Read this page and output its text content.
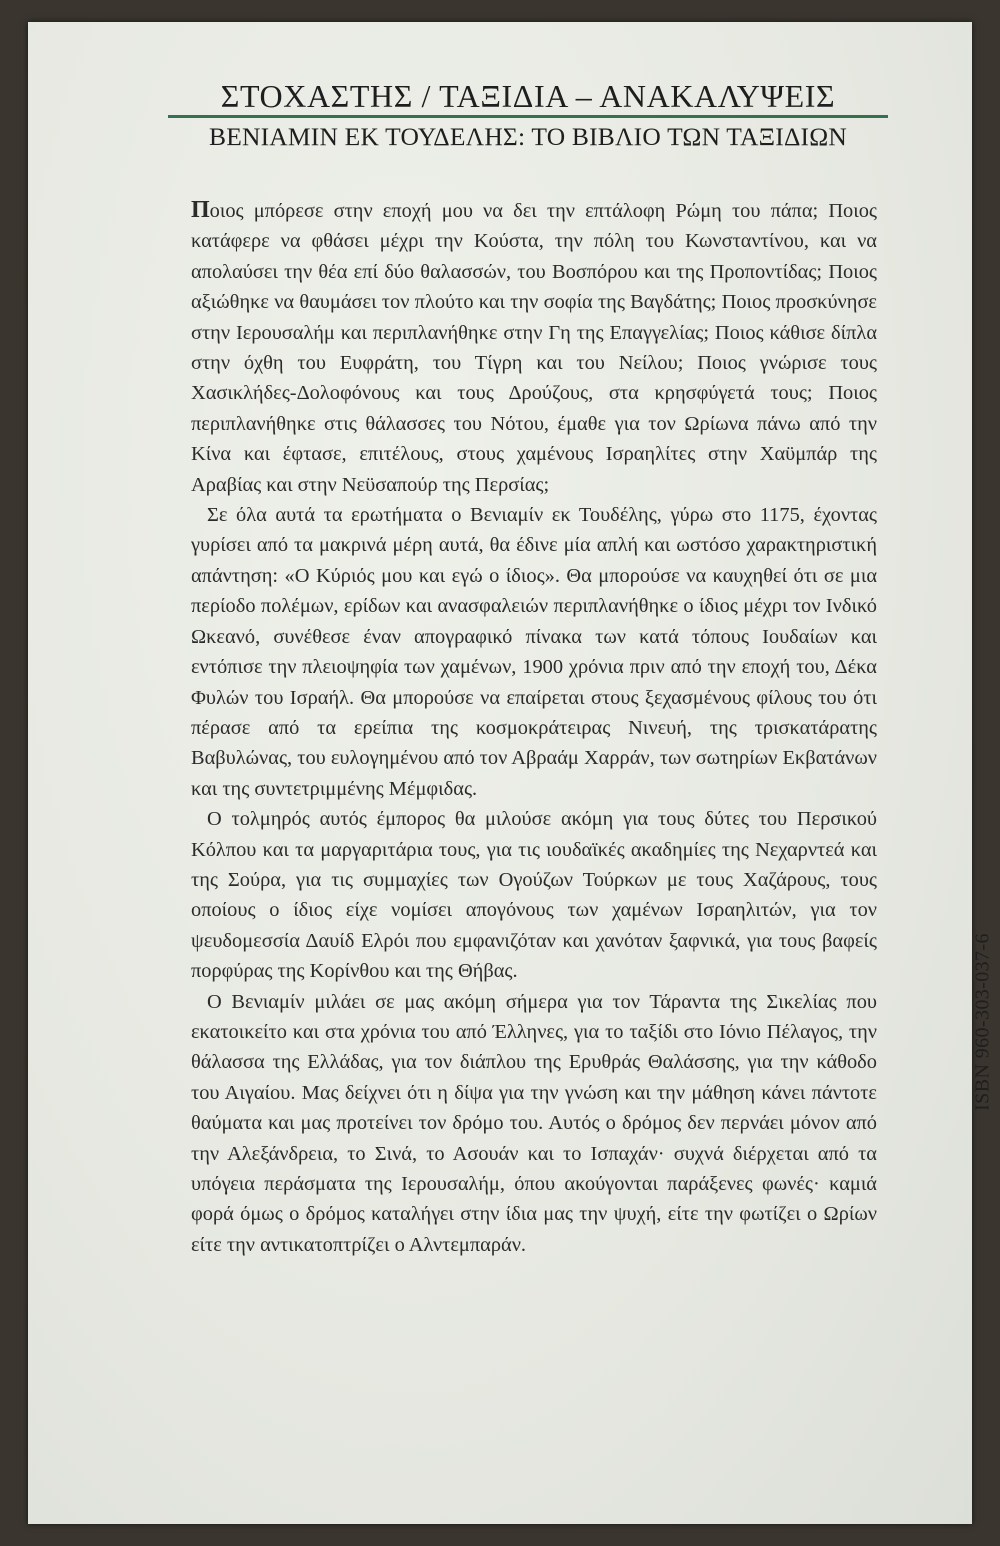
ΣΤΟΧΑΣΤΗΣ / ΤΑΞΙΔΙΑ – ΑΝΑΚΑΛΥΨΕΙΣ
ΒΕΝΙΑΜΙΝ ΕΚ ΤΟΥΔΕΛΗΣ: ΤΟ ΒΙΒΛΙΟ ΤΩΝ ΤΑΞΙΔΙΩΝ

Ποιος μπόρεσε στην εποχή μου να δει την επτάλοφη Ρώμη του πάπα; Ποιος κατάφερε να φθάσει μέχρι την Κούστα, την πόλη του Κωνσταντίνου, και να απολαύσει την θέα επί δύο θαλασσών, του Βοσπόρου και της Προποντίδας; Ποιος αξιώθηκε να θαυμάσει τον πλούτο και την σοφία της Βαγδάτης; Ποιος προσκύνησε στην Ιερουσαλήμ και περιπλανήθηκε στην Γη της Επαγγελίας; Ποιος κάθισε δίπλα στην όχθη του Ευφράτη, του Τίγρη και του Νείλου; Ποιος γνώρισε τους Χασικλήδες-Δολοφόνους και τους Δρούζους, στα κρησφύγετά τους; Ποιος περιπλανήθηκε στις θάλασσες του Νότου, έμαθε για τον Ωρίωνα πάνω από την Κίνα και έφτασε, επιτέλους, στους χαμένους Ισραηλίτες στην Χαϋμπάρ της Αραβίας και στην Νεϋσαπούρ της Περσίας;

Σε όλα αυτά τα ερωτήματα ο Βενιαμίν εκ Τουδέλης, γύρω στο 1175, έχοντας γυρίσει από τα μακρινά μέρη αυτά, θα έδινε μία απλή και ωστόσο χαρακτηριστική απάντηση: «Ο Κύριός μου και εγώ ο ίδιος». Θα μπορούσε να καυχηθεί ότι σε μια περίοδο πολέμων, ερίδων και ανασφαλειών περιπλανήθηκε ο ίδιος μέχρι τον Ινδικό Ωκεανό, συνέθεσε έναν απογραφικό πίνακα των κατά τόπους Ιουδαίων και εντόπισε την πλειοψηφία των χαμένων, 1900 χρόνια πριν από την εποχή του, Δέκα Φυλών του Ισραήλ. Θα μπορούσε να επαίρεται στους ξεχασμένους φίλους του ότι πέρασε από τα ερείπια της κοσμοκράτειρας Νινευή, της τρισκατάρατης Βαβυλώνας, του ευλογημένου από τον Αβραάμ Χαρράν, των σωτηρίων Εκβατάνων και της συντετριμμένης Μέμφιδας.

Ο τολμηρός αυτός έμπορος θα μιλούσε ακόμη για τους δύτες του Περσικού Κόλπου και τα μαργαριτάρια τους, για τις ιουδαϊκές ακαδημίες της Νεχαρντεά και της Σούρα, για τις συμμαχίες των Ογούζων Τούρκων με τους Χαζάρους, τους οποίους ο ίδιος είχε νομίσει απογόνους των χαμένων Ισραηλιτών, για τον ψευδομεσσία Δαυίδ Ελρόι που εμφανιζόταν και χανόταν ξαφνικά, για τους βαφείς πορφύρας της Κορίνθου και της Θήβας.

Ο Βενιαμίν μιλάει σε μας ακόμη σήμερα για τον Τάραντα της Σικελίας που εκατοικείτο και στα χρόνια του από Έλληνες, για το ταξίδι στο Ιόνιο Πέλαγος, την θάλασσα της Ελλάδας, για τον διάπλου της Ερυθράς Θαλάσσης, για την κάθοδο του Αιγαίου. Μας δείχνει ότι η δίψα για την γνώση και την μάθηση κάνει πάντοτε θαύματα και μας προτείνει τον δρόμο του. Αυτός ο δρόμος δεν περνάει μόνον από την Αλεξάνδρεια, το Σινά, το Ασουάν και το Ισπαχάν· συχνά διέρχεται από τα υπόγεια περάσματα της Ιερουσαλήμ, όπου ακούγονται παράξενες φωνές· καμιά φορά όμως ο δρόμος καταλήγει στην ίδια μας την ψυχή, είτε την φωτίζει ο Ωρίων είτε την αντικατοπτρίζει ο Αλντεμπαράν.

ISBN 960-303-037-6
